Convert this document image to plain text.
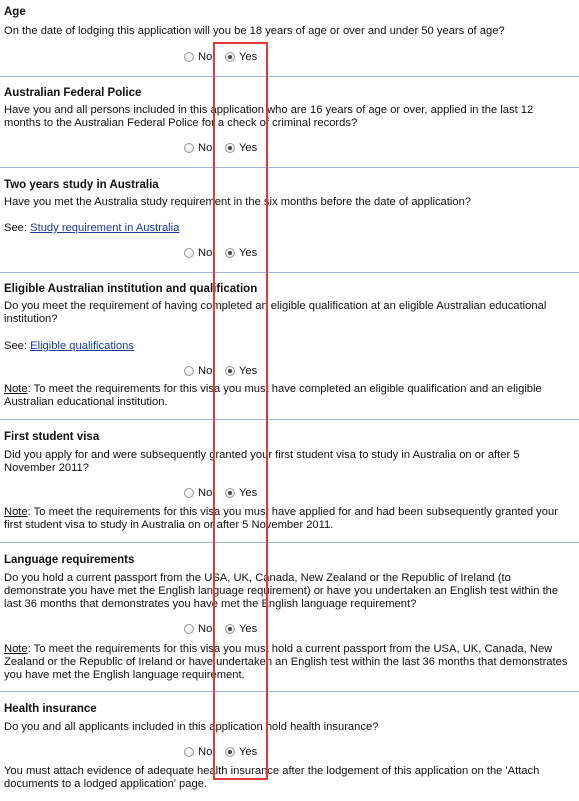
Age
On the date of lodging this application will you be 18 years of age or over and under 50 years of age?
No Yes
Australian Federal Police
Have you and all persons included in this application who are 16 years of age or over, applied in the last 12 months to the Australian Federal Police for a check of criminal records?
No Yes
Two years study in Australia
Have you met the Australia study requirement in the six months before the date of application?
See: Study requirement in Australia
No Yes
Eligible Australian institution and qualification
Do you meet the requirement of having completed an eligible qualification at an eligible Australian educational institution?
See: Eligible qualifications
No Yes
Note: To meet the requirements for this visa you must have completed an eligible qualification and an eligible Australian educational institution.
First student visa
Did you apply for and were subsequently granted your first student visa to study in Australia on or after 5 November 2011?
No Yes
Note: To meet the requirements for this visa you must have applied for and had been subsequently granted your first student visa to study in Australia on or after 5 November 2011.
Language requirements
Do you hold a current passport from the USA, UK, Canada, New Zealand or the Republic of Ireland (to demonstrate you have met the English language requirement) or have you undertaken an English test within the last 36 months that demonstrates you have met the English language requirement?
No Yes
Note: To meet the requirements for this visa you must hold a current passport from the USA, UK, Canada, New Zealand or the Republic of Ireland or have undertaken an English test within the last 36 months that demonstrates you have met the English language requirement.
Health insurance
Do you and all applicants included in this application hold health insurance?
No Yes
You must attach evidence of adequate health insurance after the lodgement of this application on the 'Attach documents to a lodged application' page.
